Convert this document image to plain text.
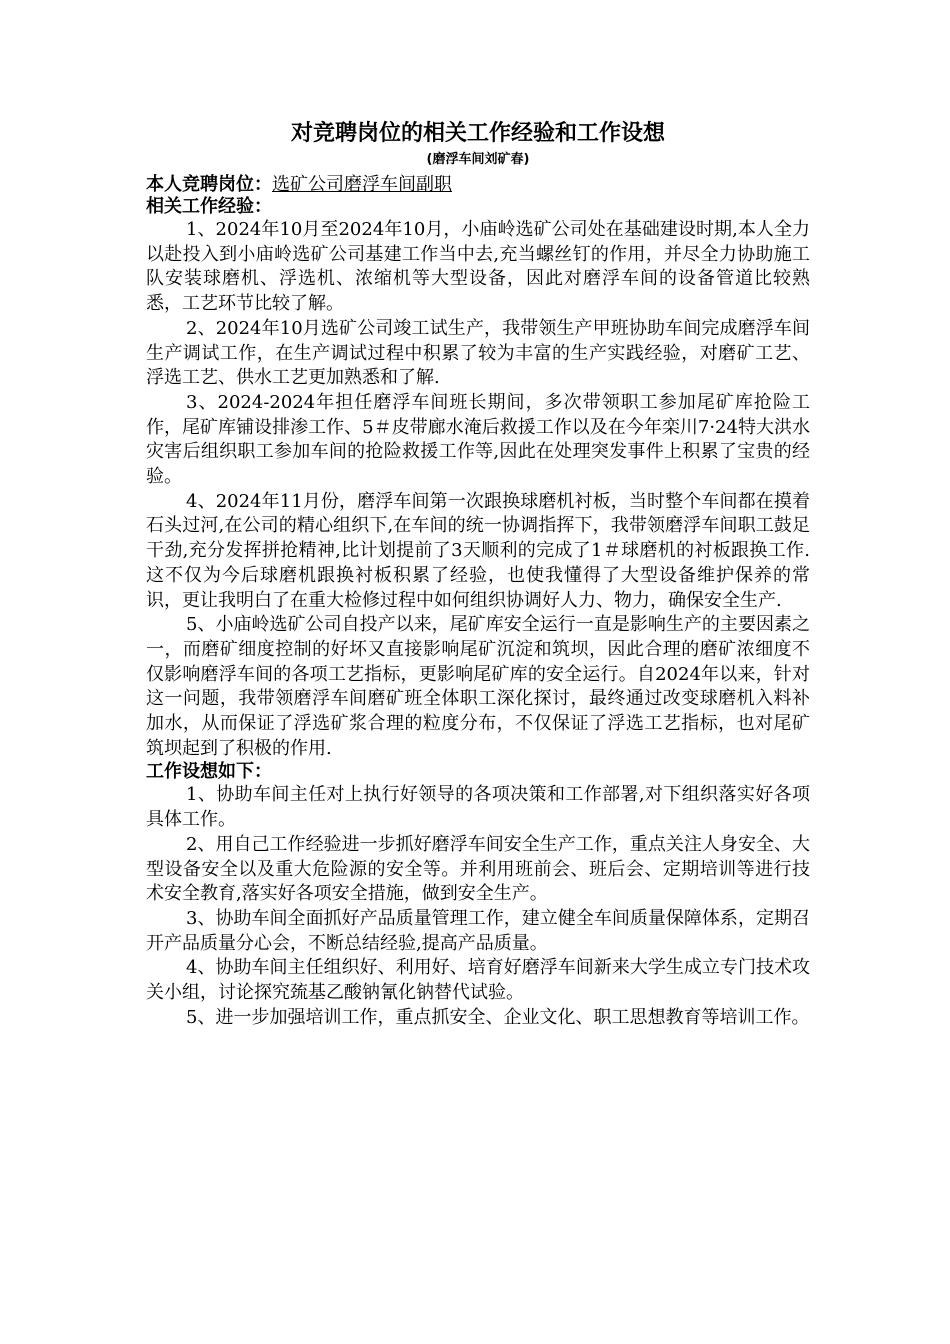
对竞聘岗位的相关工作经验和工作设想

(磨浮车间刘矿春)

本人竞聘岗位：选矿公司磨浮车间副职

相关工作经验：

1、2024年10月至2024年10月，小庙岭选矿公司处在基础建设时期,本人全力以赴投入到小庙岭选矿公司基建工作当中去,充当螺丝钉的作用，并尽全力协助施工队安装球磨机、浮选机、浓缩机等大型设备，因此对磨浮车间的设备管道比较熟悉，工艺环节比较了解。

2、2024年10月选矿公司竣工试生产，我带领生产甲班协助车间完成磨浮车间生产调试工作，在生产调试过程中积累了较为丰富的生产实践经验，对磨矿工艺、浮选工艺、供水工艺更加熟悉和了解.

3、2024-2024年担任磨浮车间班长期间，多次带领职工参加尾矿库抢险工作，尾矿库铺设排渗工作、5＃皮带廊水淹后救援工作以及在今年栾川7·24特大洪水灾害后组织职工参加车间的抢险救援工作等,因此在处理突发事件上积累了宝贵的经验。

4、2024年11月份，磨浮车间第一次跟换球磨机衬板，当时整个车间都在摸着石头过河,在公司的精心组织下,在车间的统一协调指挥下，我带领磨浮车间职工鼓足干劲,充分发挥拼抢精神,比计划提前了3天顺利的完成了1＃球磨机的衬板跟换工作.这不仅为今后球磨机跟换衬板积累了经验，也使我懂得了大型设备维护保养的常识，更让我明白了在重大检修过程中如何组织协调好人力、物力，确保安全生产.

5、小庙岭选矿公司自投产以来，尾矿库安全运行一直是影响生产的主要因素之一，而磨矿细度控制的好坏又直接影响尾矿沉淀和筑坝，因此合理的磨矿浓细度不仅影响磨浮车间的各项工艺指标，更影响尾矿库的安全运行。自2024年以来，针对这一问题，我带领磨浮车间磨矿班全体职工深化探讨，最终通过改变球磨机入料补加水，从而保证了浮选矿浆合理的粒度分布，不仅保证了浮选工艺指标，也对尾矿筑坝起到了积极的作用.

工作设想如下：

1、协助车间主任对上执行好领导的各项决策和工作部署,对下组织落实好各项具体工作。

2、用自己工作经验进一步抓好磨浮车间安全生产工作，重点关注人身安全、大型设备安全以及重大危险源的安全等。并利用班前会、班后会、定期培训等进行技术安全教育,落实好各项安全措施，做到安全生产。

3、协助车间全面抓好产品质量管理工作，建立健全车间质量保障体系，定期召开产品质量分心会，不断总结经验,提高产品质量。

4、协助车间主任组织好、利用好、培育好磨浮车间新来大学生成立专门技术攻关小组，讨论探究巯基乙酸钠氰化钠替代试验。

5、进一步加强培训工作，重点抓安全、企业文化、职工思想教育等培训工作。
